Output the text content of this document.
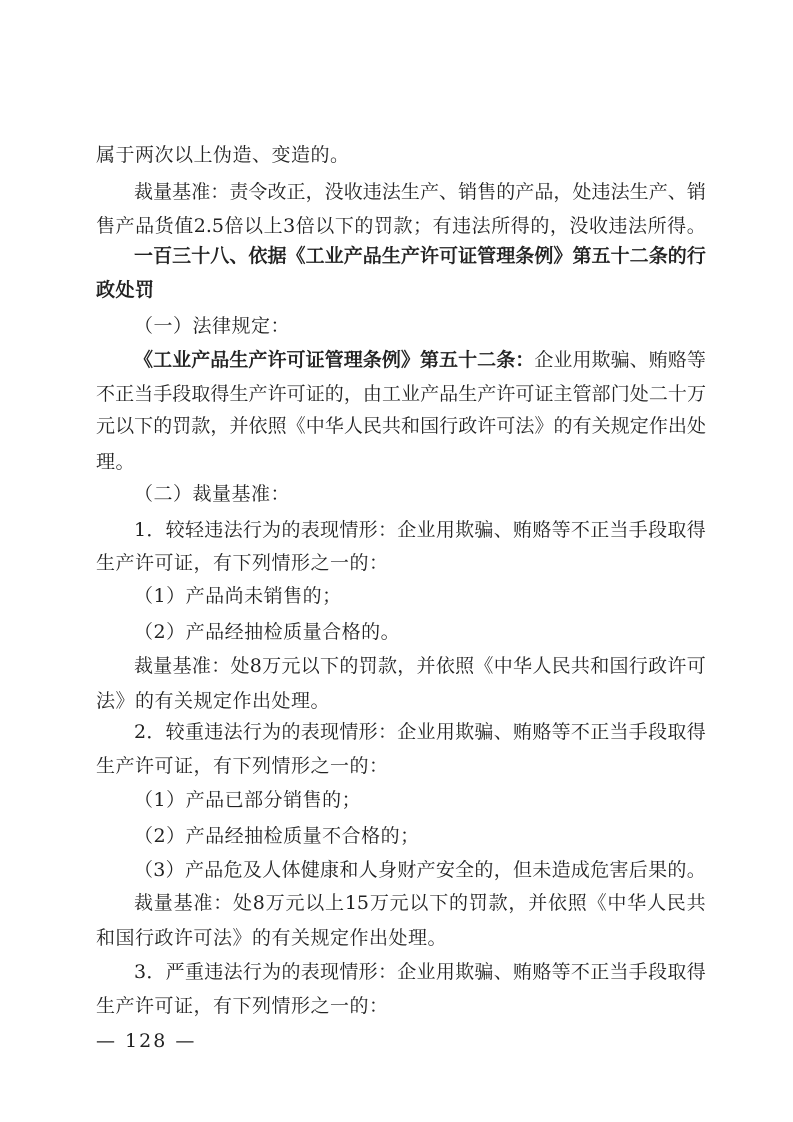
属于两次以上伪造、变造的。
裁 量 基 准 ： 责 令 改 正 ， 没 收 违 法 生 产 、 销 售 的 产 品 ， 处 违 法 生 产 、 销
售 产 品 货 值 2.5 倍 以 上 3 倍 以 下 的 罚 款 ； 有 违 法 所 得 的 ， 没 收 违 法 所 得 。
一 百 三 十 八 、 依 据 《 工 业 产 品 生 产 许 可 证 管 理 条 例 》 第 五 十 二 条 的 行
政处罚
（一）法律规定：
《 工 业 产 品 生 产 许 可 证 管 理 条 例 》 第 五 十 二 条 ： 企 业 用 欺 骗 、 贿 赂 等
不 正 当 手 段 取 得 生 产 许 可 证 的 ， 由 工 业 产 品 生 产 许 可 证 主 管 部 门 处 二 十 万
元 以 下 的 罚 款 ， 并 依 照 《 中 华 人 民 共 和 国 行 政 许 可 法 》 的 有 关 规 定 作 出 处
理。
（二）裁量基准：
1 ． 较 轻 违 法 行 为 的 表 现 情 形 ： 企 业 用 欺 骗 、 贿 赂 等 不 正 当 手 段 取 得
生产许可证，有下列情形之一的：
（1）产品尚未销售的；
（2）产品经抽检质量合格的。
裁 量 基 准 ： 处 8 万 元 以 下 的 罚 款 ， 并 依 照 《 中 华 人 民 共 和 国 行 政 许 可
法》的有关规定作出处理。
2 ． 较 重 违 法 行 为 的 表 现 情 形 ： 企 业 用 欺 骗 、 贿 赂 等 不 正 当 手 段 取 得
生产许可证，有下列情形之一的：
（1）产品已部分销售的；
（2）产品经抽检质量不合格的；
（ 3 ） 产 品 危 及 人 体 健 康 和 人 身 财 产 安 全 的 ， 但 未 造 成 危 害 后 果 的 。
裁 量 基 准 ： 处 8 万 元 以 上 15 万 元 以 下 的 罚 款 ， 并 依 照 《 中 华 人 民 共
和国行政许可法》的有关规定作出处理。
3 ． 严 重 违 法 行 为 的 表 现 情 形 ： 企 业 用 欺 骗 、 贿 赂 等 不 正 当 手 段 取 得
生产许可证，有下列情形之一的：
— 128 —
